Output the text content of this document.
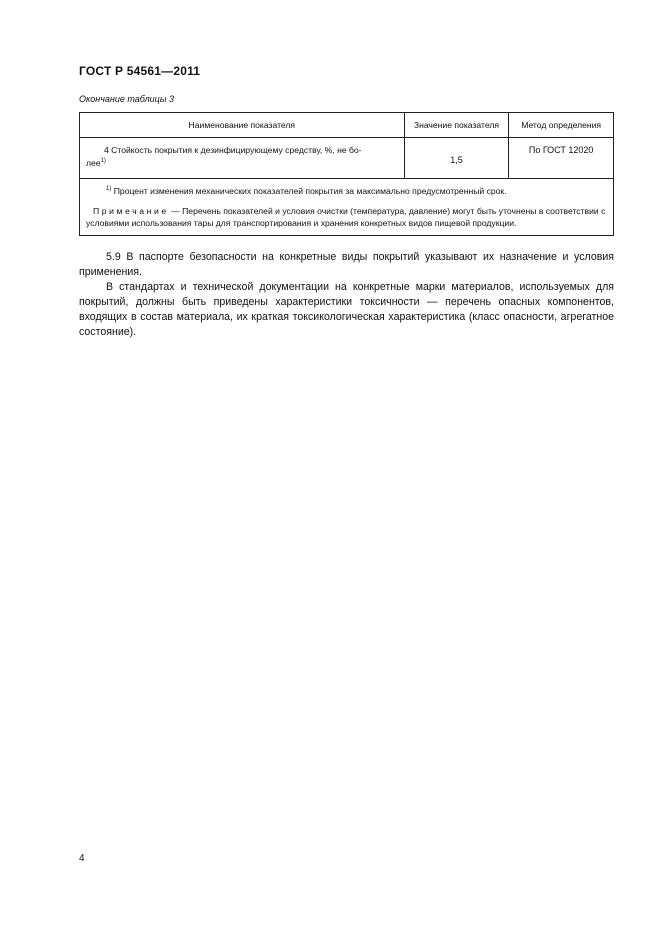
ГОСТ Р 54561—2011
Окончание таблицы 3
Наименование показателя	Значение показателя	Метод определения

4 Стойкость покрытия к дезинфицирующему средству, %, не бо-
лее$^{1)}$	1,5	По ГОСТ 12020

$^{1)}$ Процент изменения механических показателей покрытия за максимально предусмотренный срок.

Примечание — Перечень показателей и условия очистки (температура, давление) могут быть уточнены в соответствии с условиями использования тары для транспортирования и хранения конкретных видов пищевой продукции.		

5.9 В паспорте безопасности на конкретные виды покрытий указывают их назначение и условия применения.

В стандартах и технической документации на конкретные марки материалов, используемых для покрытий, должны быть приведены характеристики токсичности — перечень опасных компонентов, входящих в состав материала, их краткая токсикологическая характеристика (класс опасности, агрегатное состояние).

4
